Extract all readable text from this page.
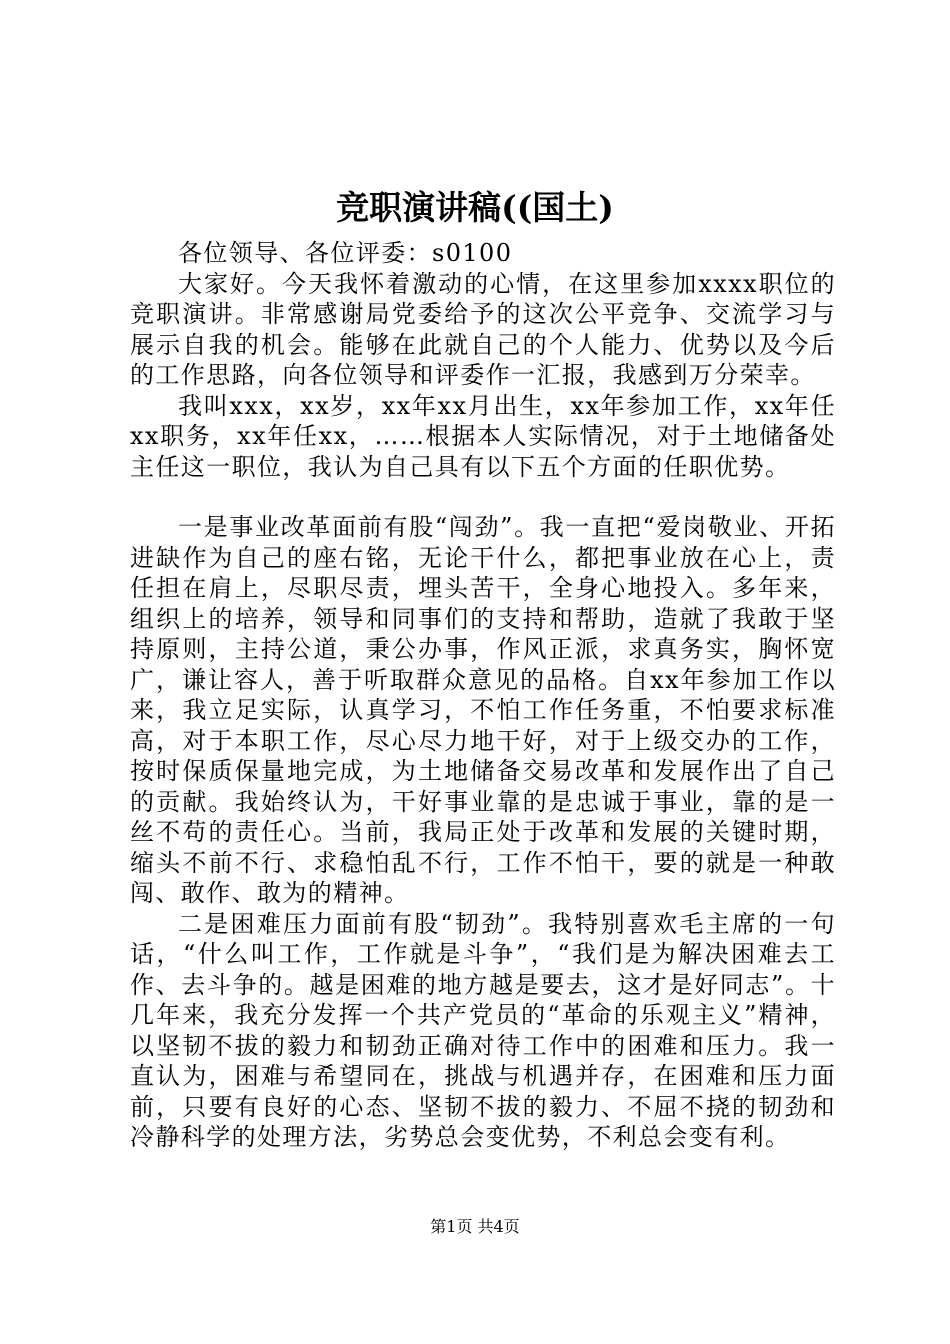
竞职演讲稿((国土)

各位领导、各位评委：s0100

大家好。今天我怀着激动的心情，在这里参加xxxx职位的竞职演讲。非常感谢局党委给予的这次公平竞争、交流学习与展示自我的机会。能够在此就自己的个人能力、优势以及今后的工作思路，向各位领导和评委作一汇报，我感到万分荣幸。

我叫xxx，xx岁，xx年xx月出生，xx年参加工作，xx年任xx职务，xx年任xx，……根据本人实际情况，对于土地储备处主任这一职位，我认为自己具有以下五个方面的任职优势。

一是事业改革面前有股“闯劲”。我一直把“爱岗敬业、开拓进缺作为自己的座右铭，无论干什么，都把事业放在心上，责任担在肩上，尽职尽责，埋头苦干，全身心地投入。多年来，组织上的培养，领导和同事们的支持和帮助，造就了我敢于坚持原则，主持公道，秉公办事，作风正派，求真务实，胸怀宽广，谦让容人，善于听取群众意见的品格。自xx年参加工作以来，我立足实际，认真学习，不怕工作任务重，不怕要求标准高，对于本职工作，尽心尽力地干好，对于上级交办的工作，按时保质保量地完成，为土地储备交易改革和发展作出了自己的贡献。我始终认为，干好事业靠的是忠诚于事业，靠的是一丝不苟的责任心。当前，我局正处于改革和发展的关键时期，缩头不前不行、求稳怕乱不行，工作不怕干，要的就是一种敢闯、敢作、敢为的精神。

二是困难压力面前有股“韧劲”。我特别喜欢毛主席的一句话，“什么叫工作，工作就是斗争”，“我们是为解决困难去工作、去斗争的。越是困难的地方越是要去，这才是好同志”。十几年来，我充分发挥一个共产党员的“革命的乐观主义”精神，以坚韧不拔的毅力和韧劲正确对待工作中的困难和压力。我一直认为，困难与希望同在，挑战与机遇并存，在困难和压力面前，只要有良好的心态、坚韧不拔的毅力、不屈不挠的韧劲和冷静科学的处理方法，劣势总会变优势，不利总会变有利。

第1页 共4页
